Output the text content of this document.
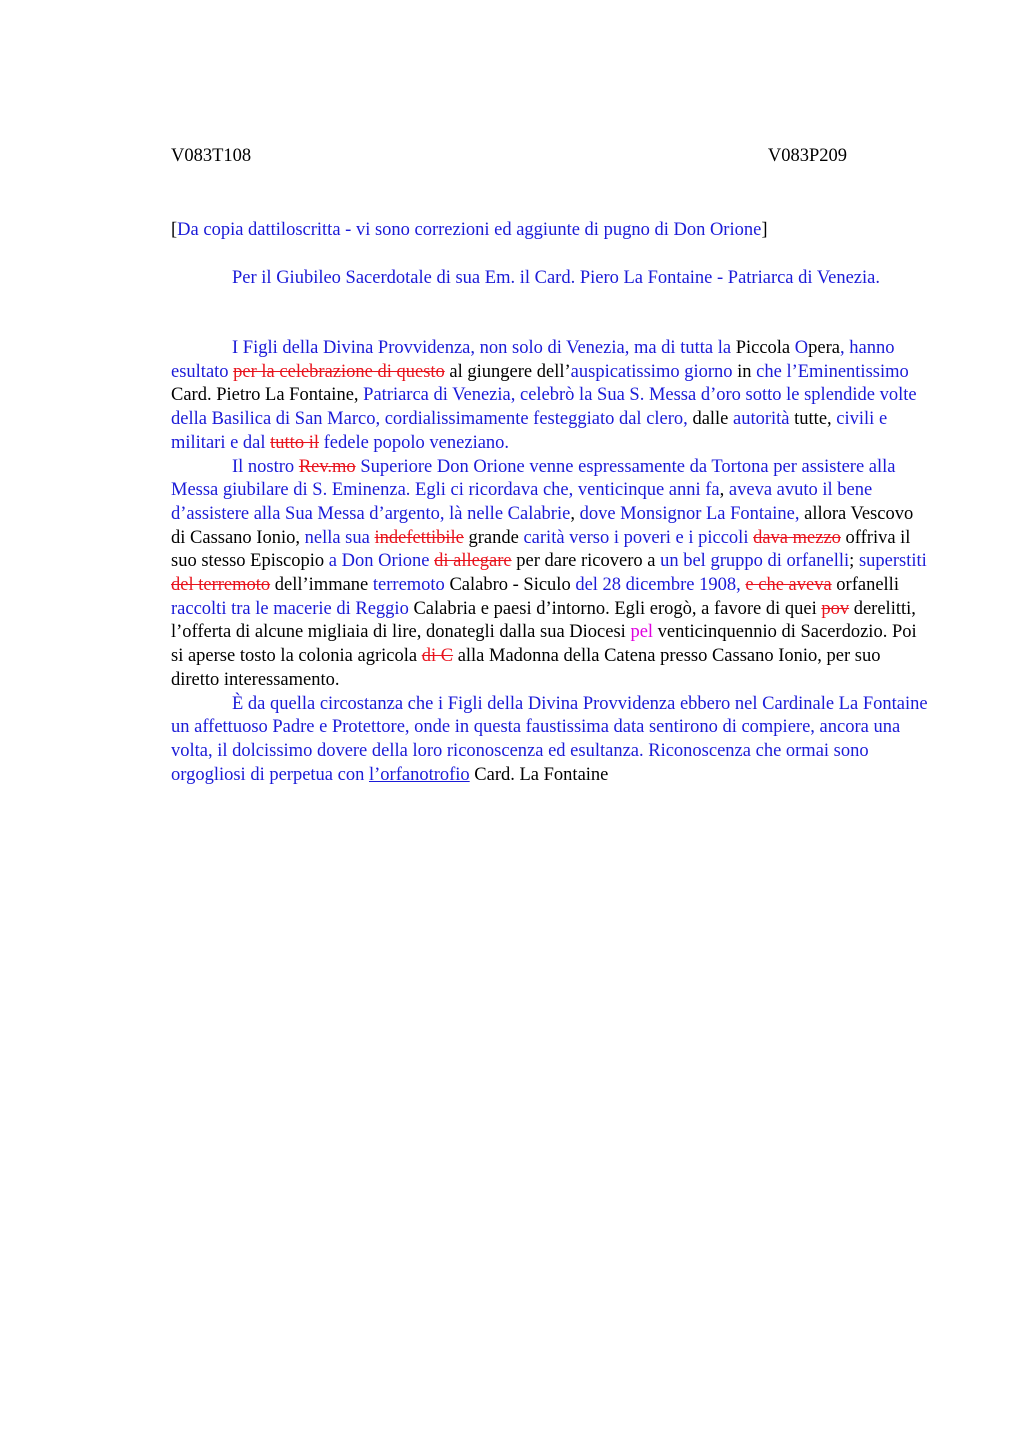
V083T108	V083P209
[Da copia dattiloscritta - vi sono correzioni ed aggiunte di pugno di Don Orione]
Per il Giubileo Sacerdotale di sua Em. il Card. Piero La Fontaine - Patriarca di Venezia.

I Figli della Divina Provvidenza, non solo di Venezia, ma di tutta la Piccola Opera, hanno esultato per la celebrazione di questo al giungere dell’auspicatissimo giorno in che l’Eminentissimo Card. Pietro La Fontaine, Patriarca di Venezia, celebrò la Sua S. Messa d’oro sotto le splendide volte della Basilica di San Marco, cordialissimamente festeggiato dal clero, dalle autorità tutte, civili e militari e dal tutto il fedele popolo veneziano.

Il nostro Rev.mo Superiore Don Orione venne espressamente da Tortona per assistere alla Messa giubilare di S. Eminenza. Egli ci ricordava che, venticinque anni fa, aveva avuto il bene d’assistere alla Sua Messa d’argento, là nelle Calabrie, dove Monsignor La Fontaine, allora Vescovo di Cassano Ionio, nella sua indefettibile grande carità verso i poveri e i piccoli dava mezzo offriva il suo stesso Episcopio a Don Orione di allegare per dare ricovero a un bel gruppo di orfanelli; superstiti del terremoto dell’immane terremoto Calabro - Siculo del 28 dicembre 1908, e che aveva orfanelli raccolti tra le macerie di Reggio Calabria e paesi d’intorno. Egli erogò, a favore di quei pov derelitti, l’offerta di alcune migliaia di lire, donategli dalla sua Diocesi pel venticinquennio di Sacerdozio. Poi si aperse tosto la colonia agricola di C alla Madonna della Catena presso Cassano Ionio, per suo diretto interessamento.

È da quella circostanza che i Figli della Divina Provvidenza ebbero nel Cardinale La Fontaine un affettuoso Padre e Protettore, onde in questa faustissima data sentirono di compiere, ancora una volta, il dolcissimo dovere della loro riconoscenza ed esultanza. Riconoscenza che ormai sono orgogliosi di perpetua con l’orfanotrofio Card. La Fontaine
